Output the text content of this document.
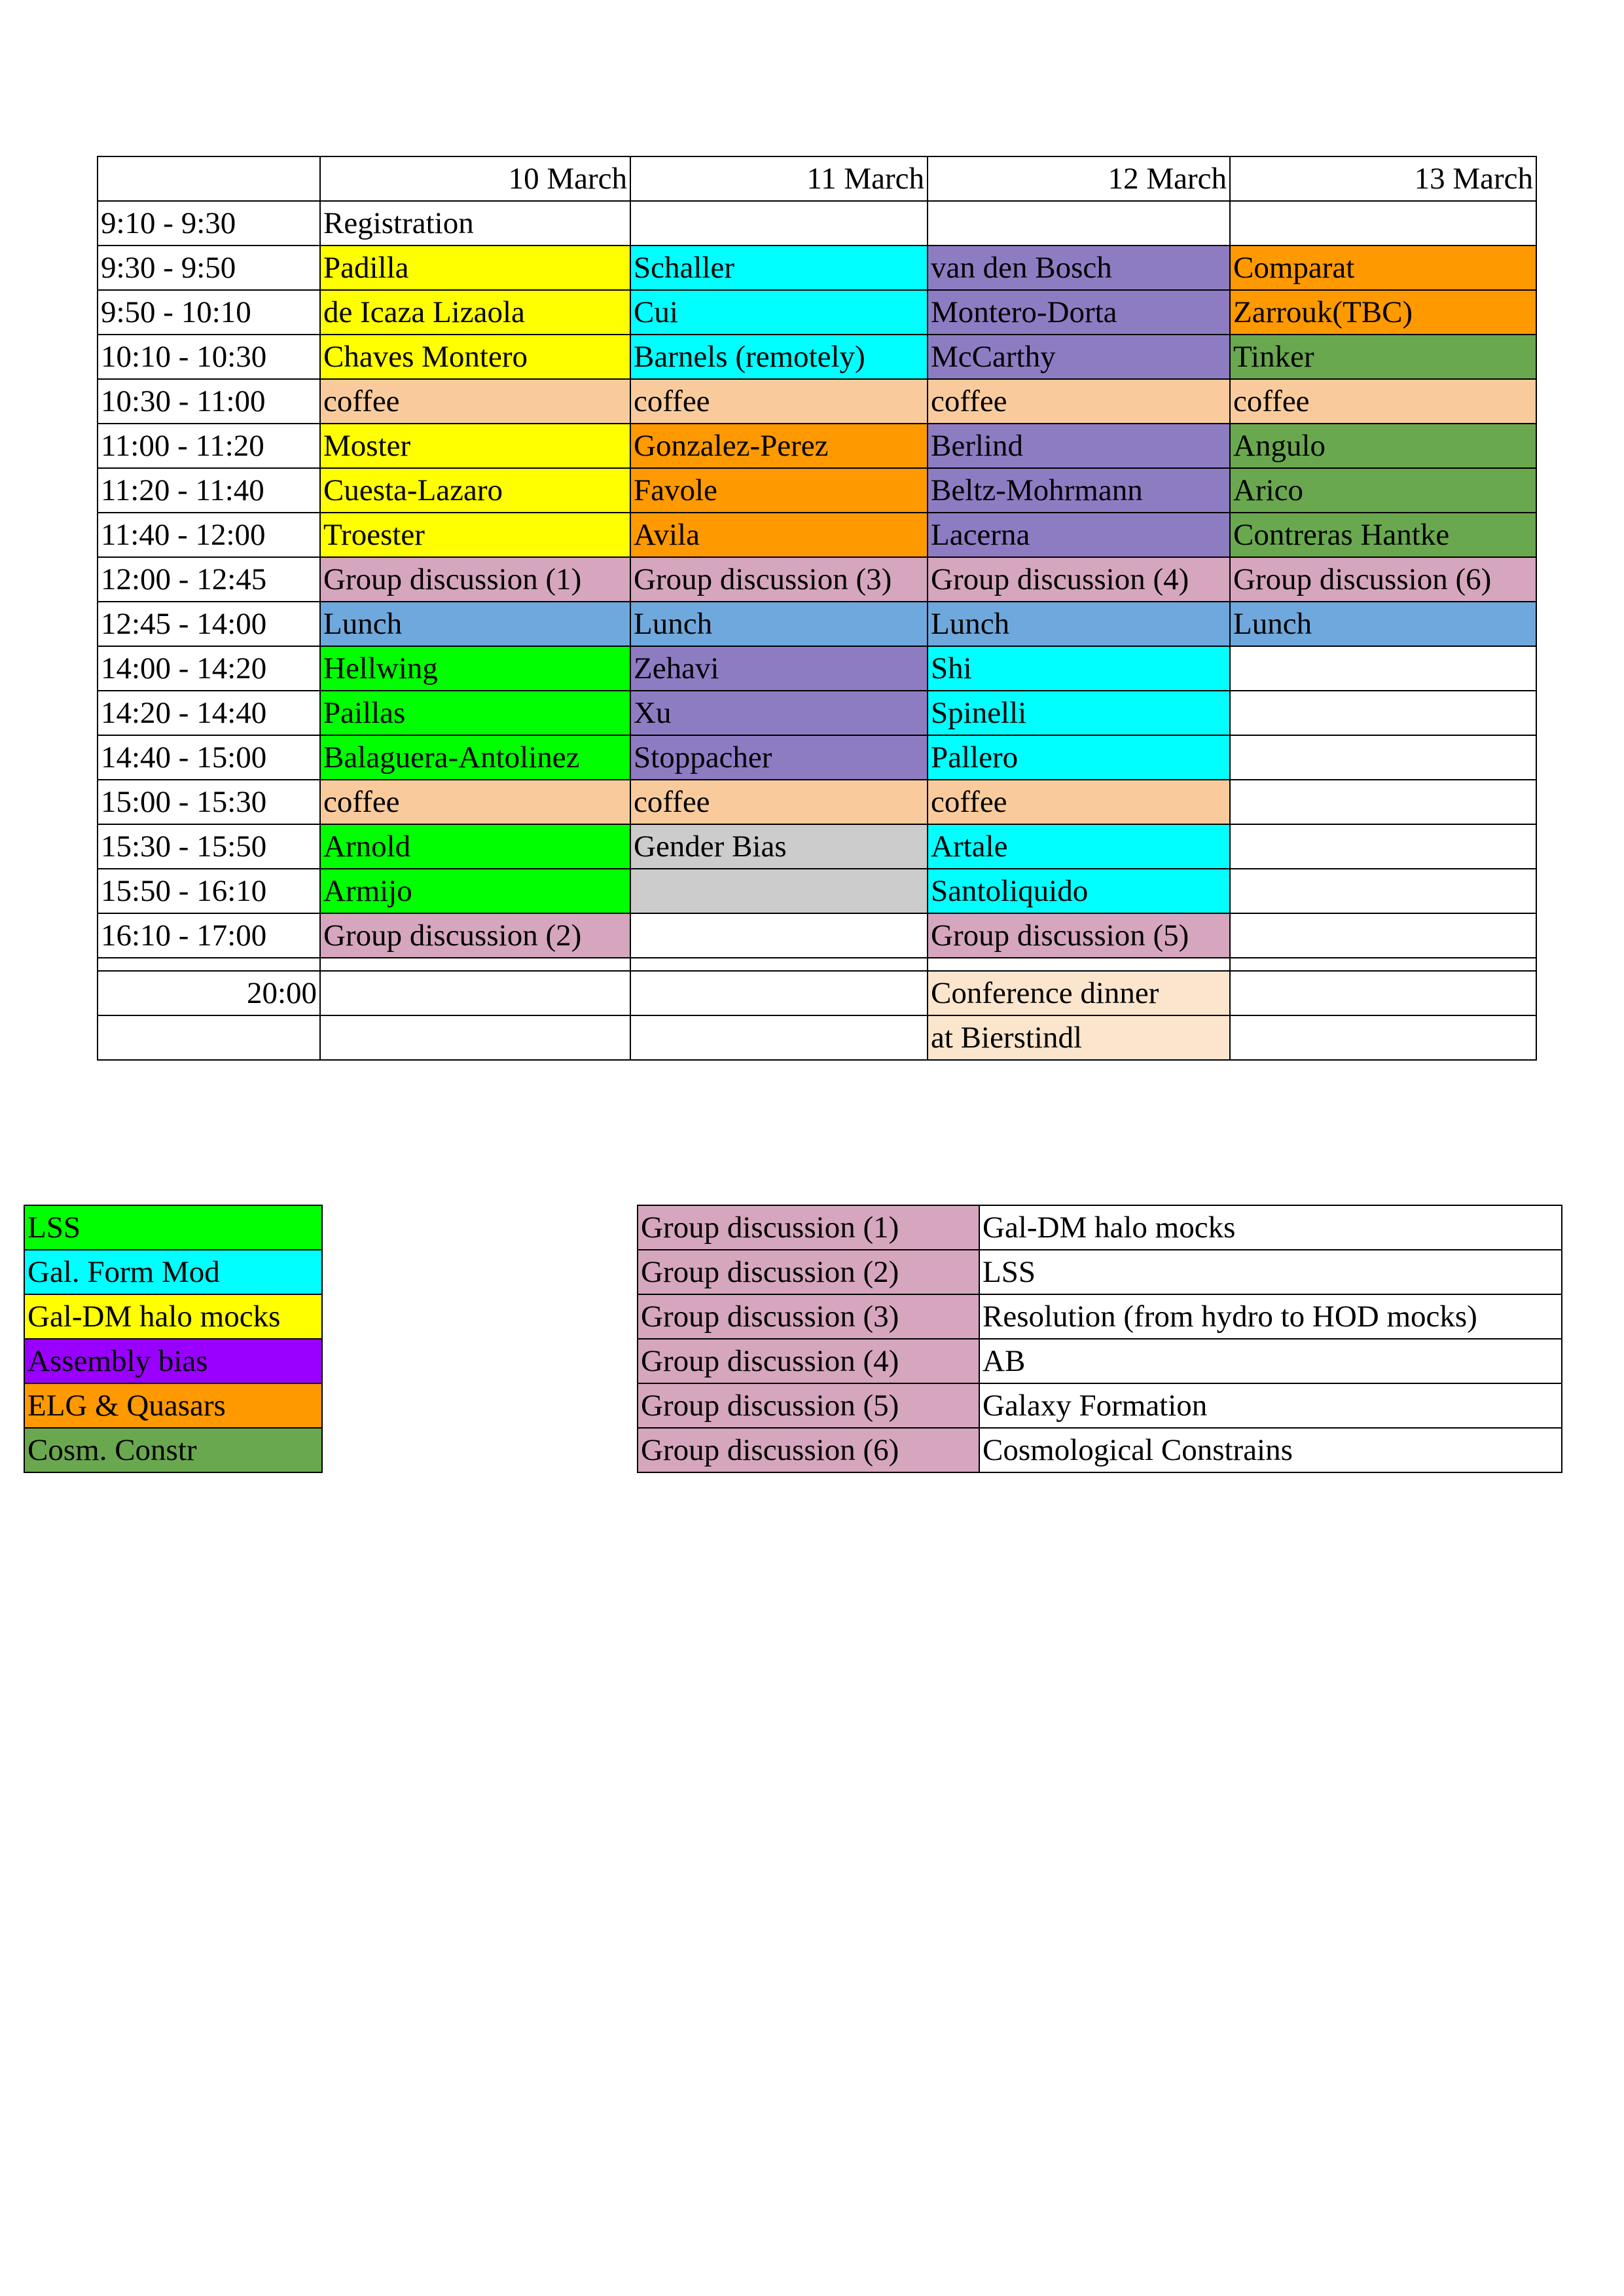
	10 March	11 March	12 March	13 March
9:10 - 9:30	Registration			
9:30 - 9:50	Padilla	Schaller	van den Bosch	Comparat
9:50 - 10:10	de Icaza Lizaola	Cui	Montero-Dorta	Zarrouk(TBC)
10:10 - 10:30	Chaves Montero	Barnels (remotely)	McCarthy	Tinker
10:30 - 11:00	coffee	coffee	coffee	coffee
11:00 - 11:20	Moster	Gonzalez-Perez	Berlind	Angulo
11:20 - 11:40	Cuesta-Lazaro	Favole	Beltz-Mohrmann	Arico
11:40 - 12:00	Troester	Avila	Lacerna	Contreras Hantke
12:00 - 12:45	Group discussion (1)	Group discussion (3)	Group discussion (4)	Group discussion (6)
12:45 - 14:00	Lunch	Lunch	Lunch	Lunch
14:00 - 14:20	Hellwing	Zehavi	Shi	
14:20 - 14:40	Paillas	Xu	Spinelli	
14:40 - 15:00	Balaguera-Antolinez	Stoppacher	Pallero	
15:00 - 15:30	coffee	coffee	coffee	
15:30 - 15:50	Arnold	Gender Bias	Artale	
15:50 - 16:10	Armijo		Santoliquido	
16:10 - 17:00	Group discussion (2)		Group discussion (5)	

20:00			Conference dinner	
			at Bierstindl	
LSS
Gal. Form Mod
Gal-DM halo mocks
Assembly bias
ELG & Quasars
Cosm. Constr
Group discussion (1)	Gal-DM halo mocks
Group discussion (2)	LSS
Group discussion (3)	Resolution (from hydro to HOD mocks)
Group discussion (4)	AB
Group discussion (5)	Galaxy Formation
Group discussion (6)	Cosmological Constrains
